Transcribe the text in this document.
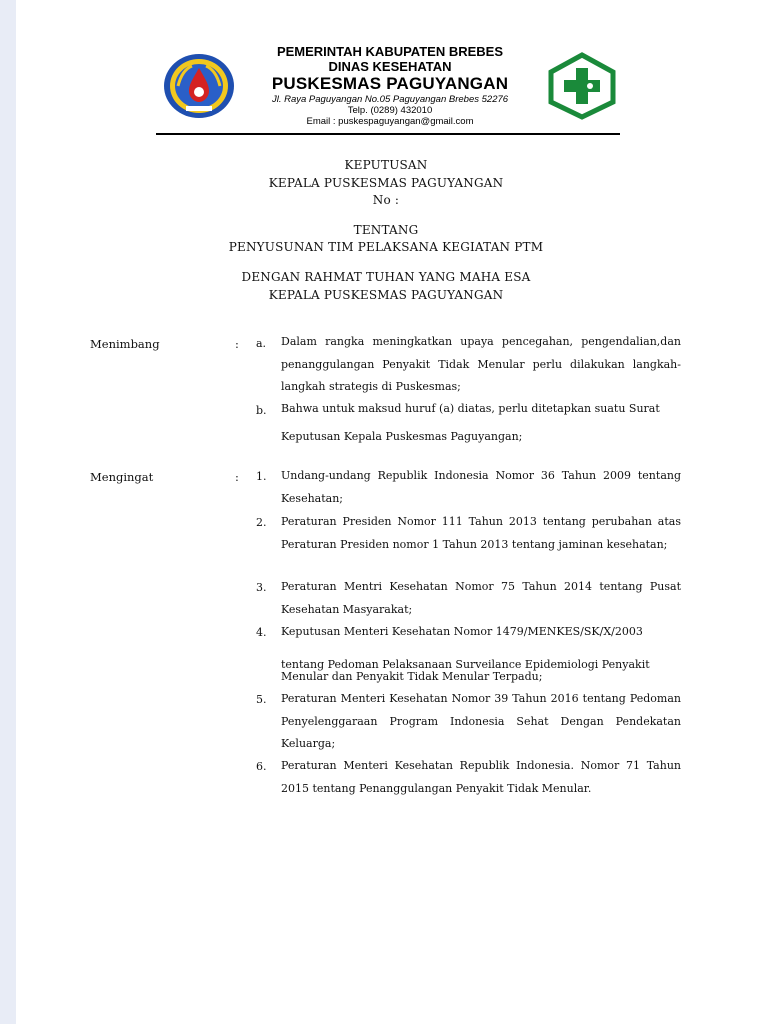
PEMERINTAH KABUPATEN BREBES
DINAS KESEHATAN
PUSKESMAS PAGUYANGAN
Jl. Raya Paguyangan No.05 Paguyangan Brebes 52276
Telp. (0289) 432010
Email : puskespaguyangan@gmail.com
KEPUTUSAN
KEPALA PUSKESMAS PAGUYANGAN
No :
TENTANG
PENYUSUNAN TIM PELAKSANA KEGIATAN PTM
DENGAN RAHMAT TUHAN YANG MAHA ESA
KEPALA PUSKESMAS PAGUYANGAN
Menimbang	: a.	Dalam rangka meningkatkan upaya pencegahan, pengendalian,dan penanggulangan Penyakit Tidak Menular perlu dilakukan langkah-langkah strategis di Puskesmas;
b.	Bahwa untuk maksud huruf (a) diatas, perlu ditetapkan suatu Surat
Keputusan Kepala Puskesmas Paguyangan;
Mengingat	: 1.	Undang-undang Republik Indonesia Nomor 36 Tahun 2009 tentang Kesehatan;
2.	Peraturan Presiden Nomor 111 Tahun 2013 tentang perubahan atas Peraturan Presiden nomor 1 Tahun 2013 tentang jaminan kesehatan;
3.	Peraturan Mentri Kesehatan Nomor 75 Tahun 2014 tentang Pusat Kesehatan Masyarakat;
4.	Keputusan Menteri Kesehatan Nomor 1479/MENKES/SK/X/2003
tentang Pedoman Pelaksanaan Surveilance Epidemiologi Penyakit Menular dan Penyakit Tidak Menular Terpadu;
5.	Peraturan Menteri Kesehatan Nomor 39 Tahun 2016 tentang Pedoman Penyelenggaraan Program Indonesia Sehat Dengan Pendekatan Keluarga;
6.	Peraturan Menteri Kesehatan Republik Indonesia. Nomor 71 Tahun 2015 tentang Penanggulangan Penyakit Tidak Menular.
